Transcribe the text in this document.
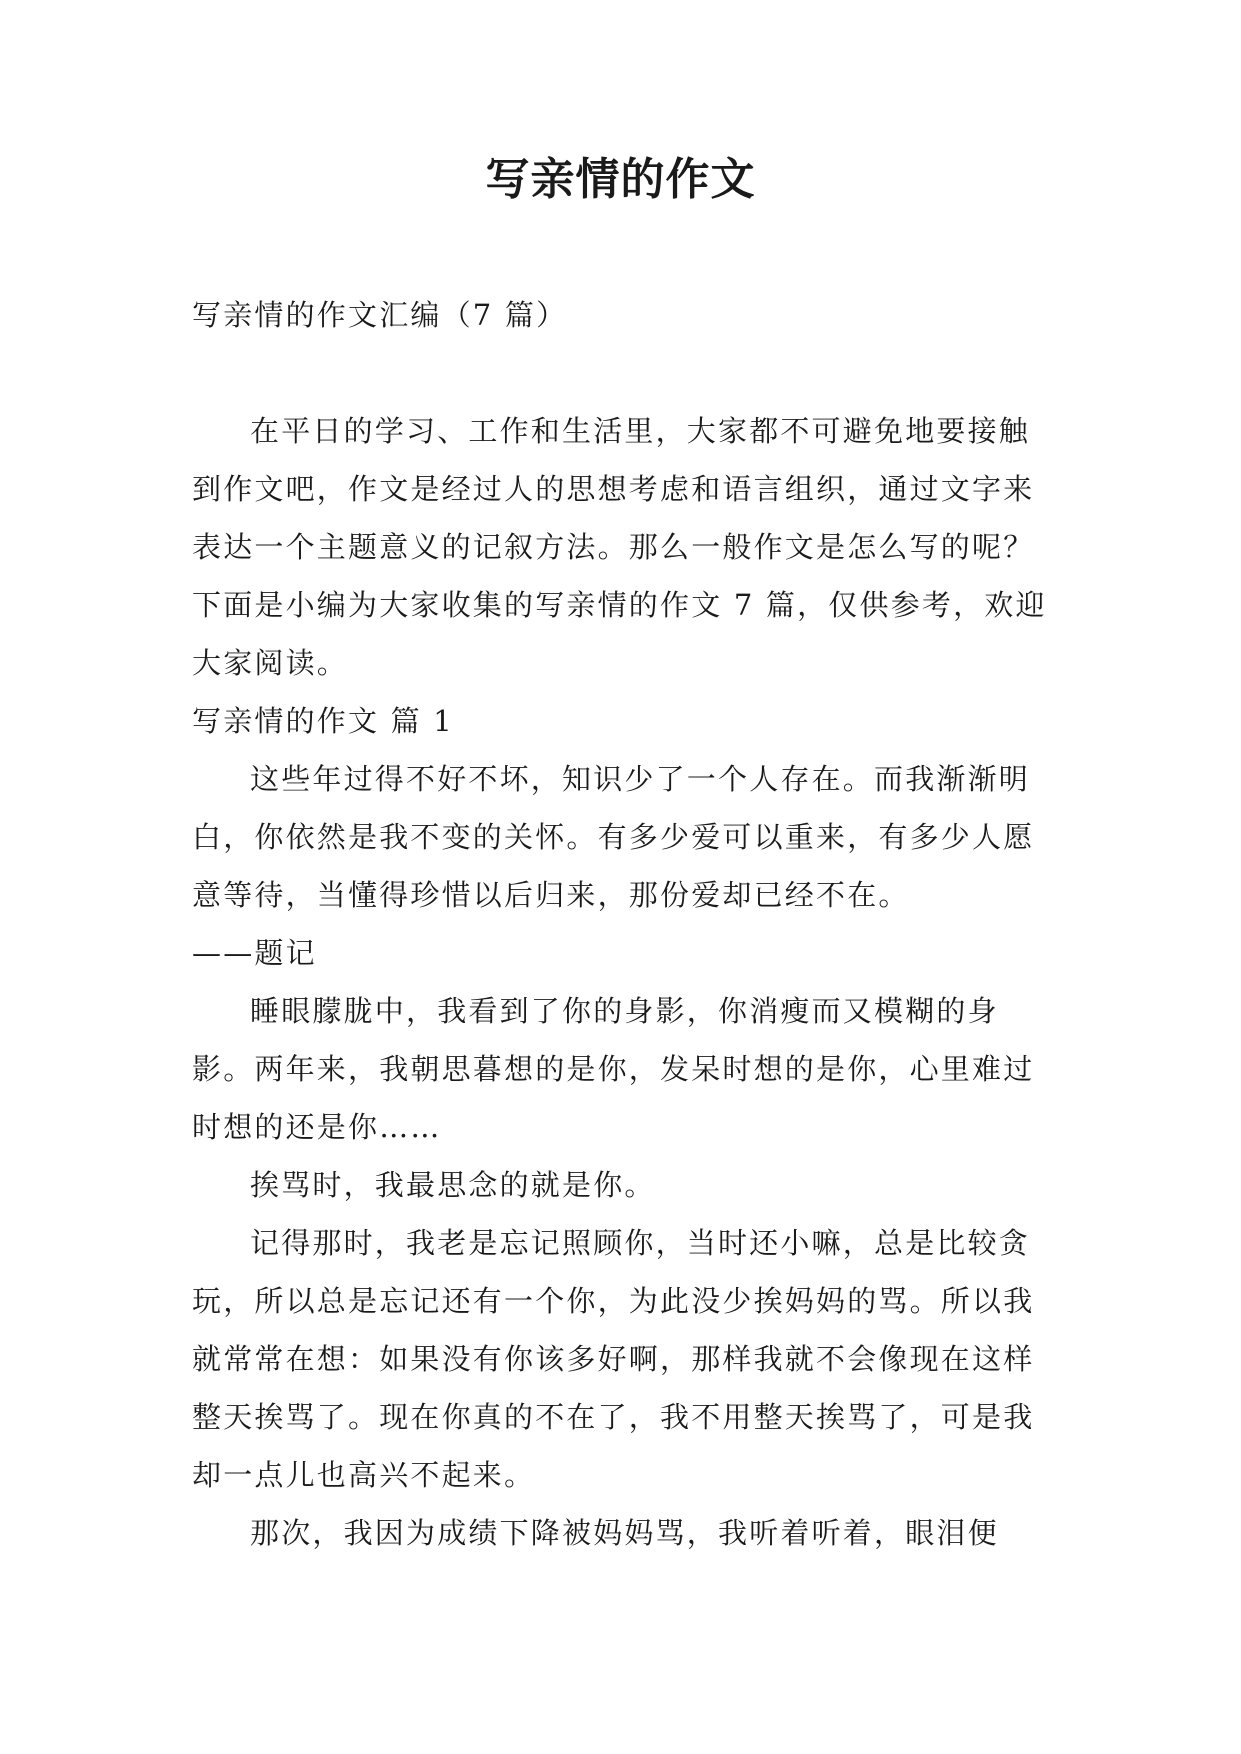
写亲情的作文

写亲情的作文汇编（7 篇）

在平日的学习、工作和生活里，大家都不可避免地要接触到作文吧，作文是经过人的思想考虑和语言组织，通过文字来表达一个主题意义的记叙方法。那么一般作文是怎么写的呢？下面是小编为大家收集的写亲情的作文 7 篇，仅供参考，欢迎大家阅读。

写亲情的作文 篇 1

这些年过得不好不坏，知识少了一个人存在。而我渐渐明白，你依然是我不变的关怀。有多少爱可以重来，有多少人愿意等待，当懂得珍惜以后归来，那份爱却已经不在。

——题记

睡眼朦胧中，我看到了你的身影，你消瘦而又模糊的身影。两年来，我朝思暮想的是你，发呆时想的是你，心里难过时想的还是你……

挨骂时，我最思念的就是你。

记得那时，我老是忘记照顾你，当时还小嘛，总是比较贪玩，所以总是忘记还有一个你，为此没少挨妈妈的骂。所以我就常常在想：如果没有你该多好啊，那样我就不会像现在这样整天挨骂了。现在你真的不在了，我不用整天挨骂了，可是我却一点儿也高兴不起来。

那次，我因为成绩下降被妈妈骂，我听着听着，眼泪便
